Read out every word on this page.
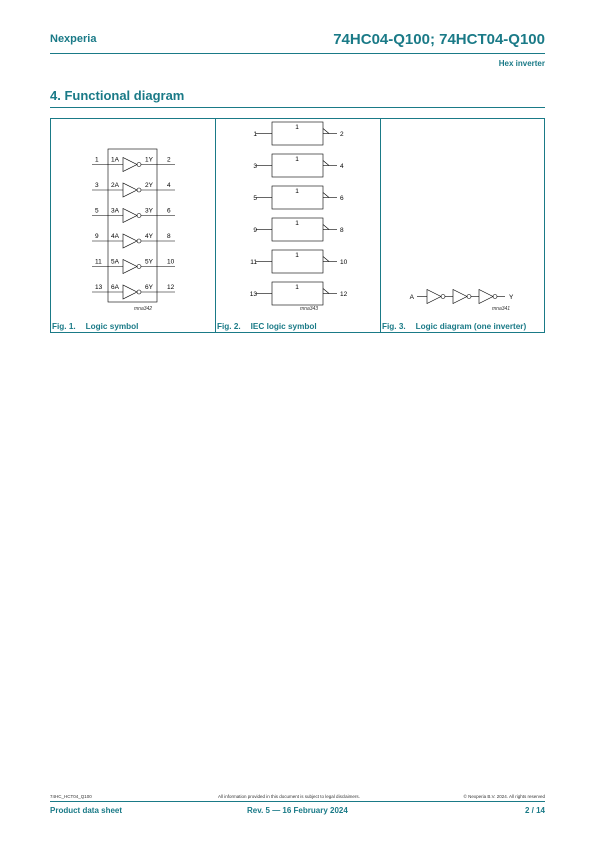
Nexperia	74HC04-Q100; 74HCT04-Q100
Hex inverter
4. Functional diagram
1 1A	1Y 2
3 2A	2Y 4
5 3A	3Y 6
9 4A	4Y 8
11 5A	5Y 10
13 6A	6Y 12
mna342
Fig. 1. Logic symbol
1
1	2
1
3	4
1
5	6
1
9	8
1
11	10
1
13	12
mna343
Fig. 2. IEC logic symbol
A	Y
mna341
Fig. 3. Logic diagram (one inverter)
74HC_HCT04_Q100	All information provided in this document is subject to legal disclaimers.	© Nexperia B.V. 2024. All rights reserved
Product data sheet	Rev. 5 — 16 February 2024	2 / 14
